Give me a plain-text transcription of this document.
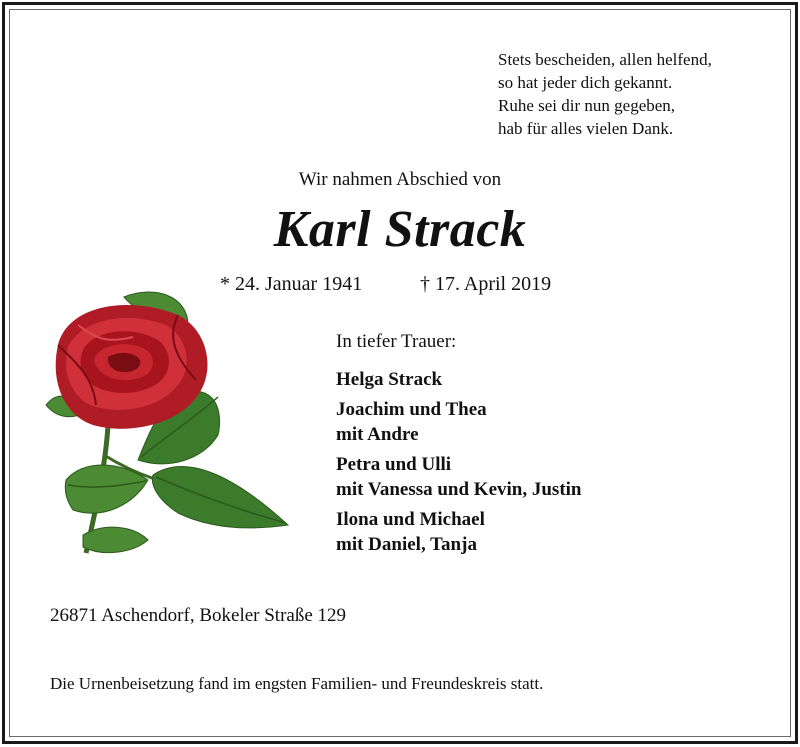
Stets bescheiden, allen helfend,
so hat jeder dich gekannt.
Ruhe sei dir nun gegeben,
hab für alles vielen Dank.
Wir nahmen Abschied von
Karl Strack
* 24. Januar 1941	† 17. April 2019
In tiefer Trauer:
Helga Strack
Joachim und Thea
mit Andre
Petra und Ulli
mit Vanessa und Kevin, Justin
Ilona und Michael
mit Daniel, Tanja
26871 Aschendorf, Bokeler Straße 129
Die Urnenbeisetzung fand im engsten Familien- und Freundeskreis statt.
